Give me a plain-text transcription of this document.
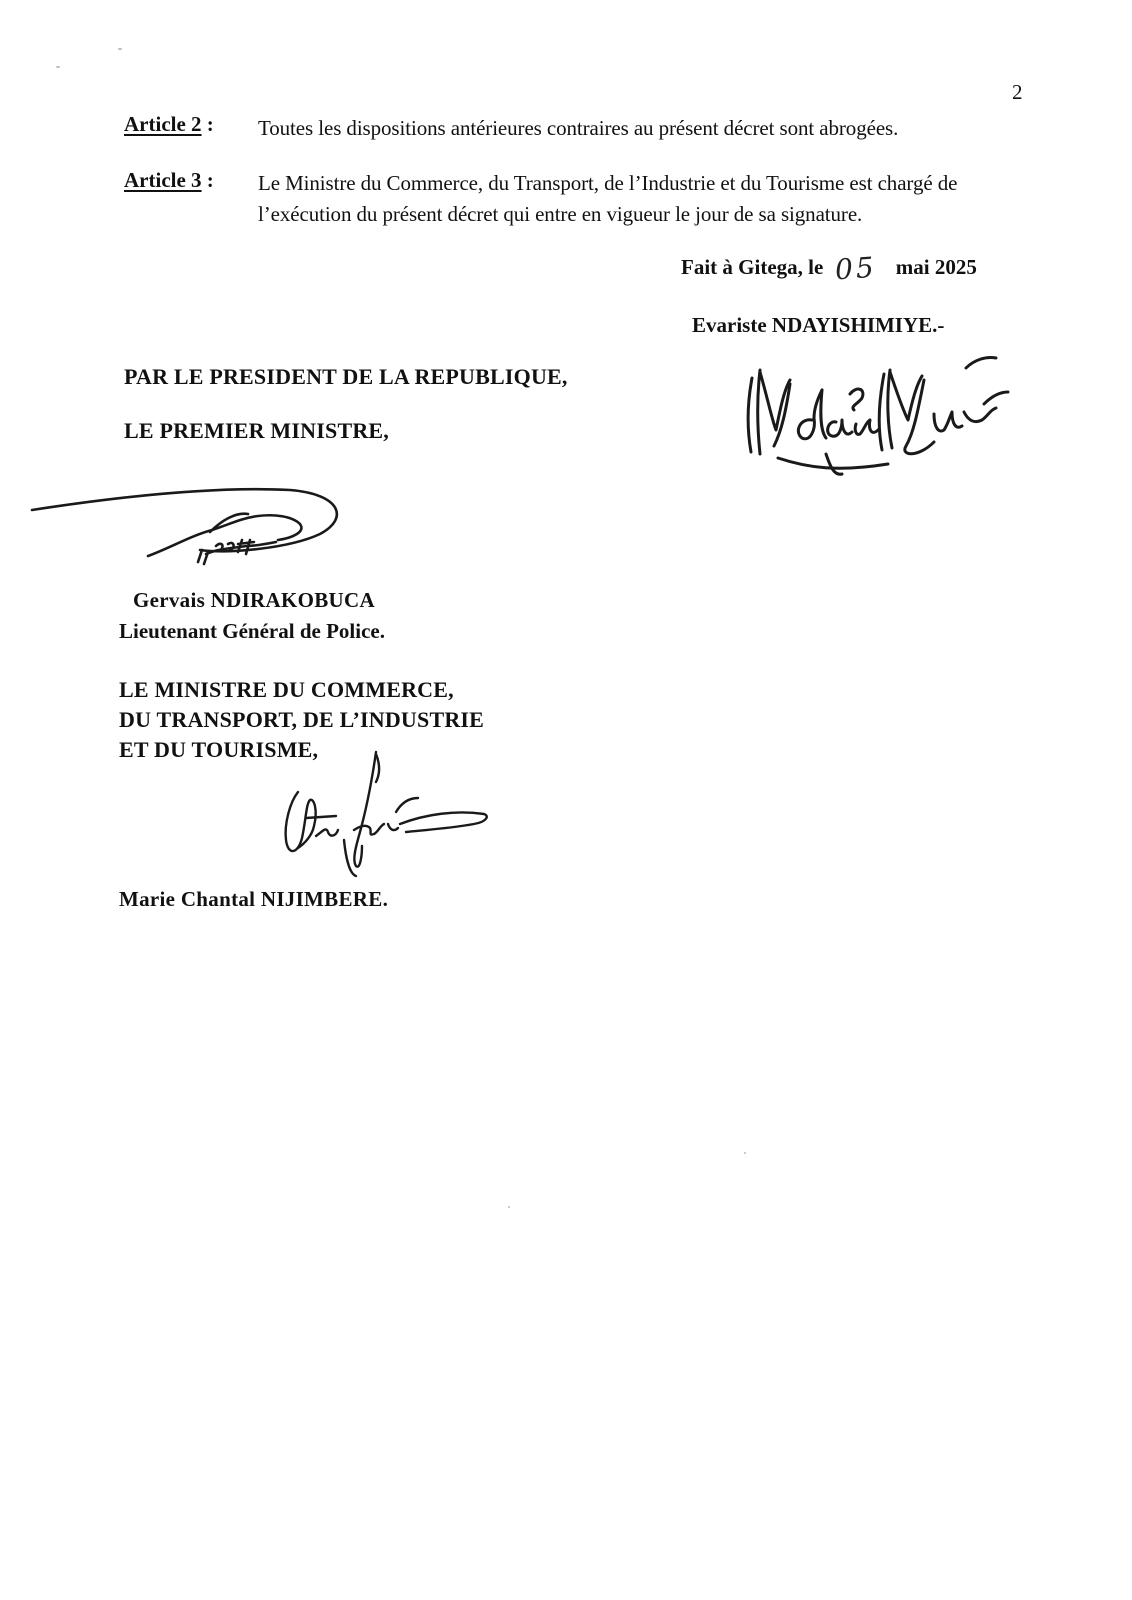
2
Article 2 : Toutes les dispositions antérieures contraires au présent décret sont abrogées.
Article 3 : Le Ministre du Commerce, du Transport, de l’Industrie et du Tourisme est chargé de l’exécution du présent décret qui entre en vigueur le jour de sa signature.
Fait à Gitega, le 05 mai 2025
Evariste NDAYISHIMIYE.-
PAR LE PRESIDENT DE LA REPUBLIQUE,
LE PREMIER MINISTRE,
Gervais NDIRAKOBUCA
Lieutenant Général de Police.
LE MINISTRE DU COMMERCE,
DU TRANSPORT, DE L’INDUSTRIE
ET DU TOURISME,
Marie Chantal NIJIMBERE.
